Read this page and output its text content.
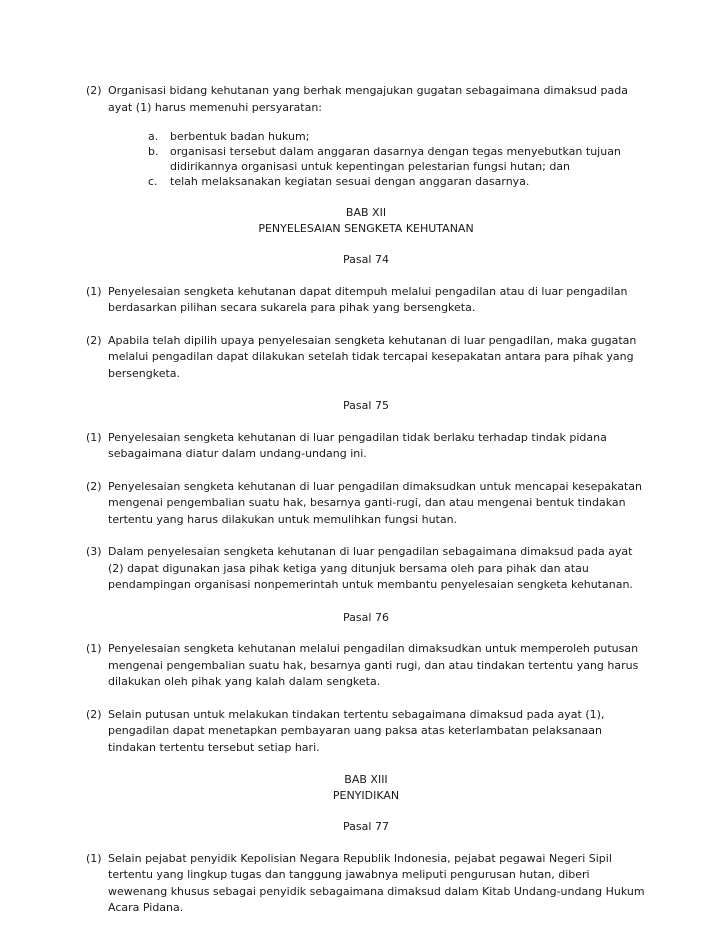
(2) Organisasi bidang kehutanan yang berhak mengajukan gugatan sebagaimana dimaksud pada ayat (1) harus memenuhi persyaratan:
a. berbentuk badan hukum;
b. organisasi tersebut dalam anggaran dasarnya dengan tegas menyebutkan tujuan didirikannya organisasi untuk kepentingan pelestarian fungsi hutan; dan
c. telah melaksanakan kegiatan sesuai dengan anggaran dasarnya.

BAB XII

PENYELESAIAN SENGKETA KEHUTANAN

Pasal 74

(1) Penyelesaian sengketa kehutanan dapat ditempuh melalui pengadilan atau di luar pengadilan berdasarkan pilihan secara sukarela para pihak yang bersengketa.
(2) Apabila telah dipilih upaya penyelesaian sengketa kehutanan di luar pengadilan, maka gugatan melalui pengadilan dapat dilakukan setelah tidak tercapai kesepakatan antara para pihak yang bersengketa.

Pasal 75

(1) Penyelesaian sengketa kehutanan di luar pengadilan tidak berlaku terhadap tindak pidana sebagaimana diatur dalam undang-undang ini.
(2) Penyelesaian sengketa kehutanan di luar pengadilan dimaksudkan untuk mencapai kesepakatan mengenai pengembalian suatu hak, besarnya ganti-rugi, dan atau mengenai bentuk tindakan tertentu yang harus dilakukan untuk memulihkan fungsi hutan.
(3) Dalam penyelesaian sengketa kehutanan di luar pengadilan sebagaimana dimaksud pada ayat (2) dapat digunakan jasa pihak ketiga yang ditunjuk bersama oleh para pihak dan atau pendampingan organisasi nonpemerintah untuk membantu penyelesaian sengketa kehutanan.

Pasal 76

(1) Penyelesaian sengketa kehutanan melalui pengadilan dimaksudkan untuk memperoleh putusan mengenai pengembalian suatu hak, besarnya ganti rugi, dan atau tindakan tertentu yang harus dilakukan oleh pihak yang kalah dalam sengketa.
(2) Selain putusan untuk melakukan tindakan tertentu sebagaimana dimaksud pada ayat (1), pengadilan dapat menetapkan pembayaran uang paksa atas keterlambatan pelaksanaan tindakan tertentu tersebut setiap hari.

BAB XIII

PENYIDIKAN

Pasal 77

(1) Selain pejabat penyidik Kepolisian Negara Republik Indonesia, pejabat pegawai Negeri Sipil tertentu yang lingkup tugas dan tanggung jawabnya meliputi pengurusan hutan, diberi wewenang khusus sebagai penyidik sebagaimana dimaksud dalam Kitab Undang-undang Hukum Acara Pidana.
